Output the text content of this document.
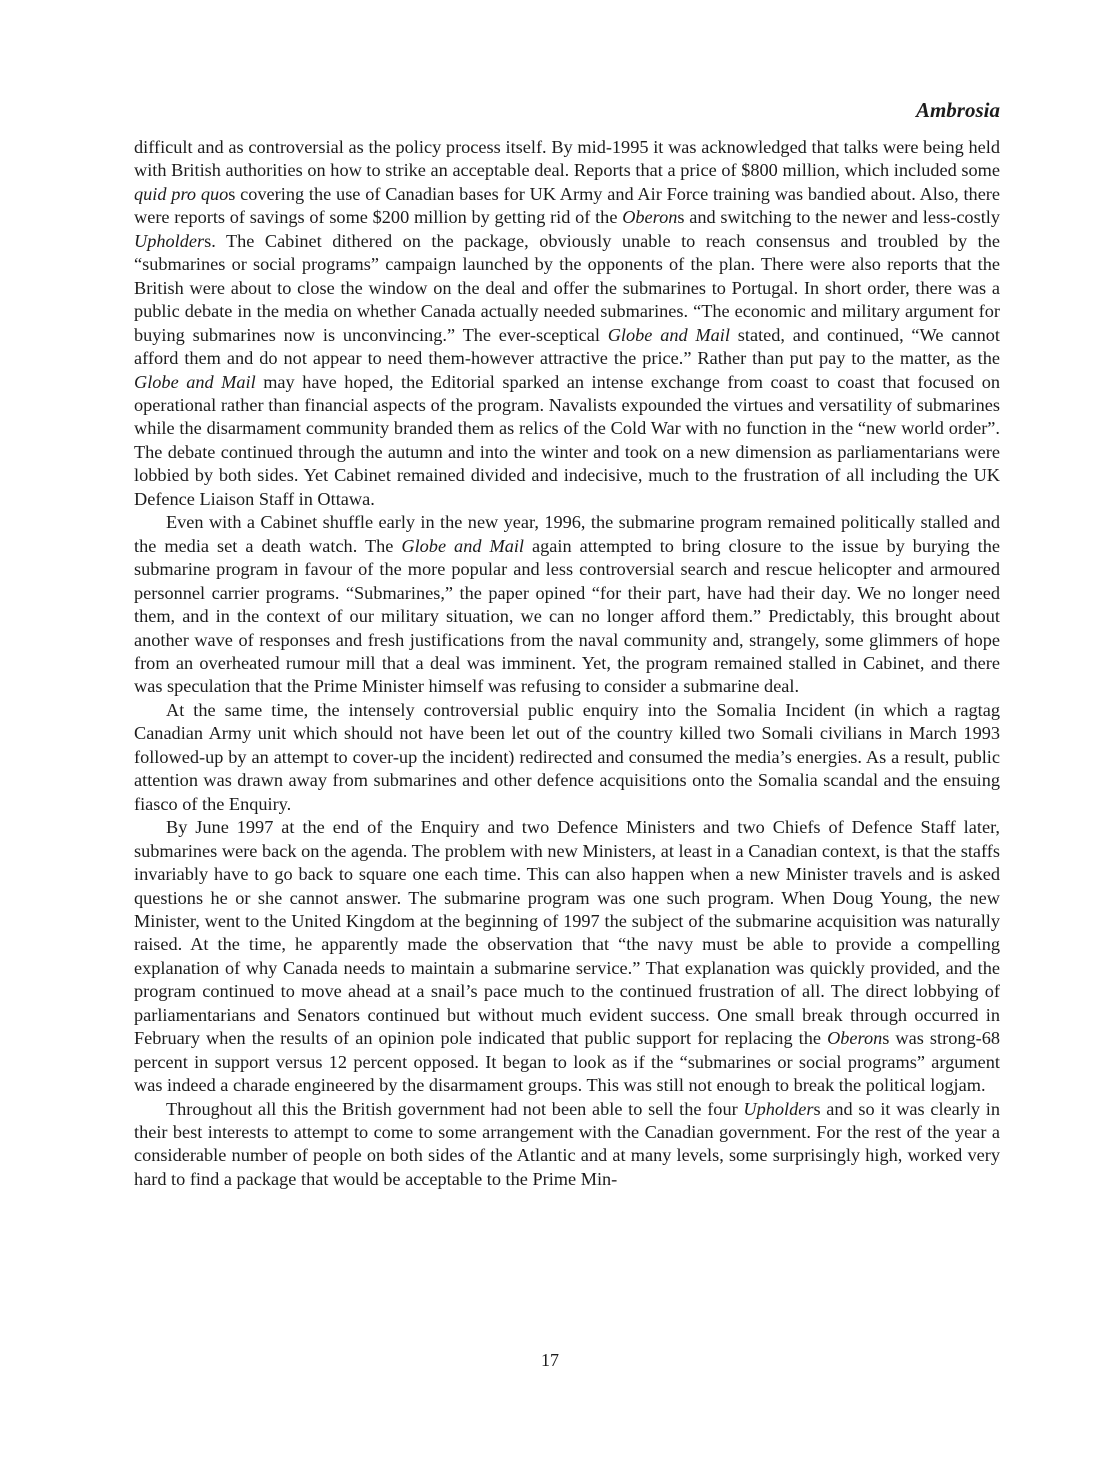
Ambrosia

difficult and as controversial as the policy process itself. By mid-1995 it was acknowledged that talks were being held with British authorities on how to strike an acceptable deal. Reports that a price of $800 million, which included some quid pro quos covering the use of Canadian bases for UK Army and Air Force training was bandied about. Also, there were reports of savings of some $200 million by getting rid of the Oberons and switching to the newer and less-costly Upholders. The Cabinet dithered on the package, obviously unable to reach consensus and troubled by the “submarines or social programs” campaign launched by the opponents of the plan. There were also reports that the British were about to close the window on the deal and offer the submarines to Portugal. In short order, there was a public debate in the media on whether Canada actually needed submarines. “The economic and military argument for buying submarines now is unconvincing.” The ever-sceptical Globe and Mail stated, and continued, “We cannot afford them and do not appear to need them-however attractive the price.” Rather than put pay to the matter, as the Globe and Mail may have hoped, the Editorial sparked an intense exchange from coast to coast that focused on operational rather than financial aspects of the program. Navalists expounded the virtues and versatility of submarines while the disarmament community branded them as relics of the Cold War with no function in the “new world order”. The debate continued through the autumn and into the winter and took on a new dimension as parliamentarians were lobbied by both sides. Yet Cabinet remained divided and indecisive, much to the frustration of all including the UK Defence Liaison Staff in Ottawa.

Even with a Cabinet shuffle early in the new year, 1996, the submarine program remained politically stalled and the media set a death watch. The Globe and Mail again attempted to bring closure to the issue by burying the submarine program in favour of the more popular and less controversial search and rescue helicopter and armoured personnel carrier programs. “Submarines,” the paper opined “for their part, have had their day. We no longer need them, and in the context of our military situation, we can no longer afford them.” Predictably, this brought about another wave of responses and fresh justifications from the naval community and, strangely, some glimmers of hope from an overheated rumour mill that a deal was imminent. Yet, the program remained stalled in Cabinet, and there was speculation that the Prime Minister himself was refusing to consider a submarine deal.

At the same time, the intensely controversial public enquiry into the Somalia Incident (in which a ragtag Canadian Army unit which should not have been let out of the country killed two Somali civilians in March 1993 followed-up by an attempt to cover-up the incident) redirected and consumed the media’s energies. As a result, public attention was drawn away from submarines and other defence acquisitions onto the Somalia scandal and the ensuing fiasco of the Enquiry.

By June 1997 at the end of the Enquiry and two Defence Ministers and two Chiefs of Defence Staff later, submarines were back on the agenda. The problem with new Ministers, at least in a Canadian context, is that the staffs invariably have to go back to square one each time. This can also happen when a new Minister travels and is asked questions he or she cannot answer. The submarine program was one such program. When Doug Young, the new Minister, went to the United Kingdom at the beginning of 1997 the subject of the submarine acquisition was naturally raised. At the time, he apparently made the observation that “the navy must be able to provide a compelling explanation of why Canada needs to maintain a submarine service.” That explanation was quickly provided, and the program continued to move ahead at a snail’s pace much to the continued frustration of all. The direct lobbying of parliamentarians and Senators continued but without much evident success. One small break through occurred in February when the results of an opinion pole indicated that public support for replacing the Oberons was strong-68 percent in support versus 12 percent opposed. It began to look as if the “submarines or social programs” argument was indeed a charade engineered by the disarmament groups. This was still not enough to break the political logjam.

Throughout all this the British government had not been able to sell the four Upholders and so it was clearly in their best interests to attempt to come to some arrangement with the Canadian government. For the rest of the year a considerable number of people on both sides of the Atlantic and at many levels, some surprisingly high, worked very hard to find a package that would be acceptable to the Prime Min-

17
